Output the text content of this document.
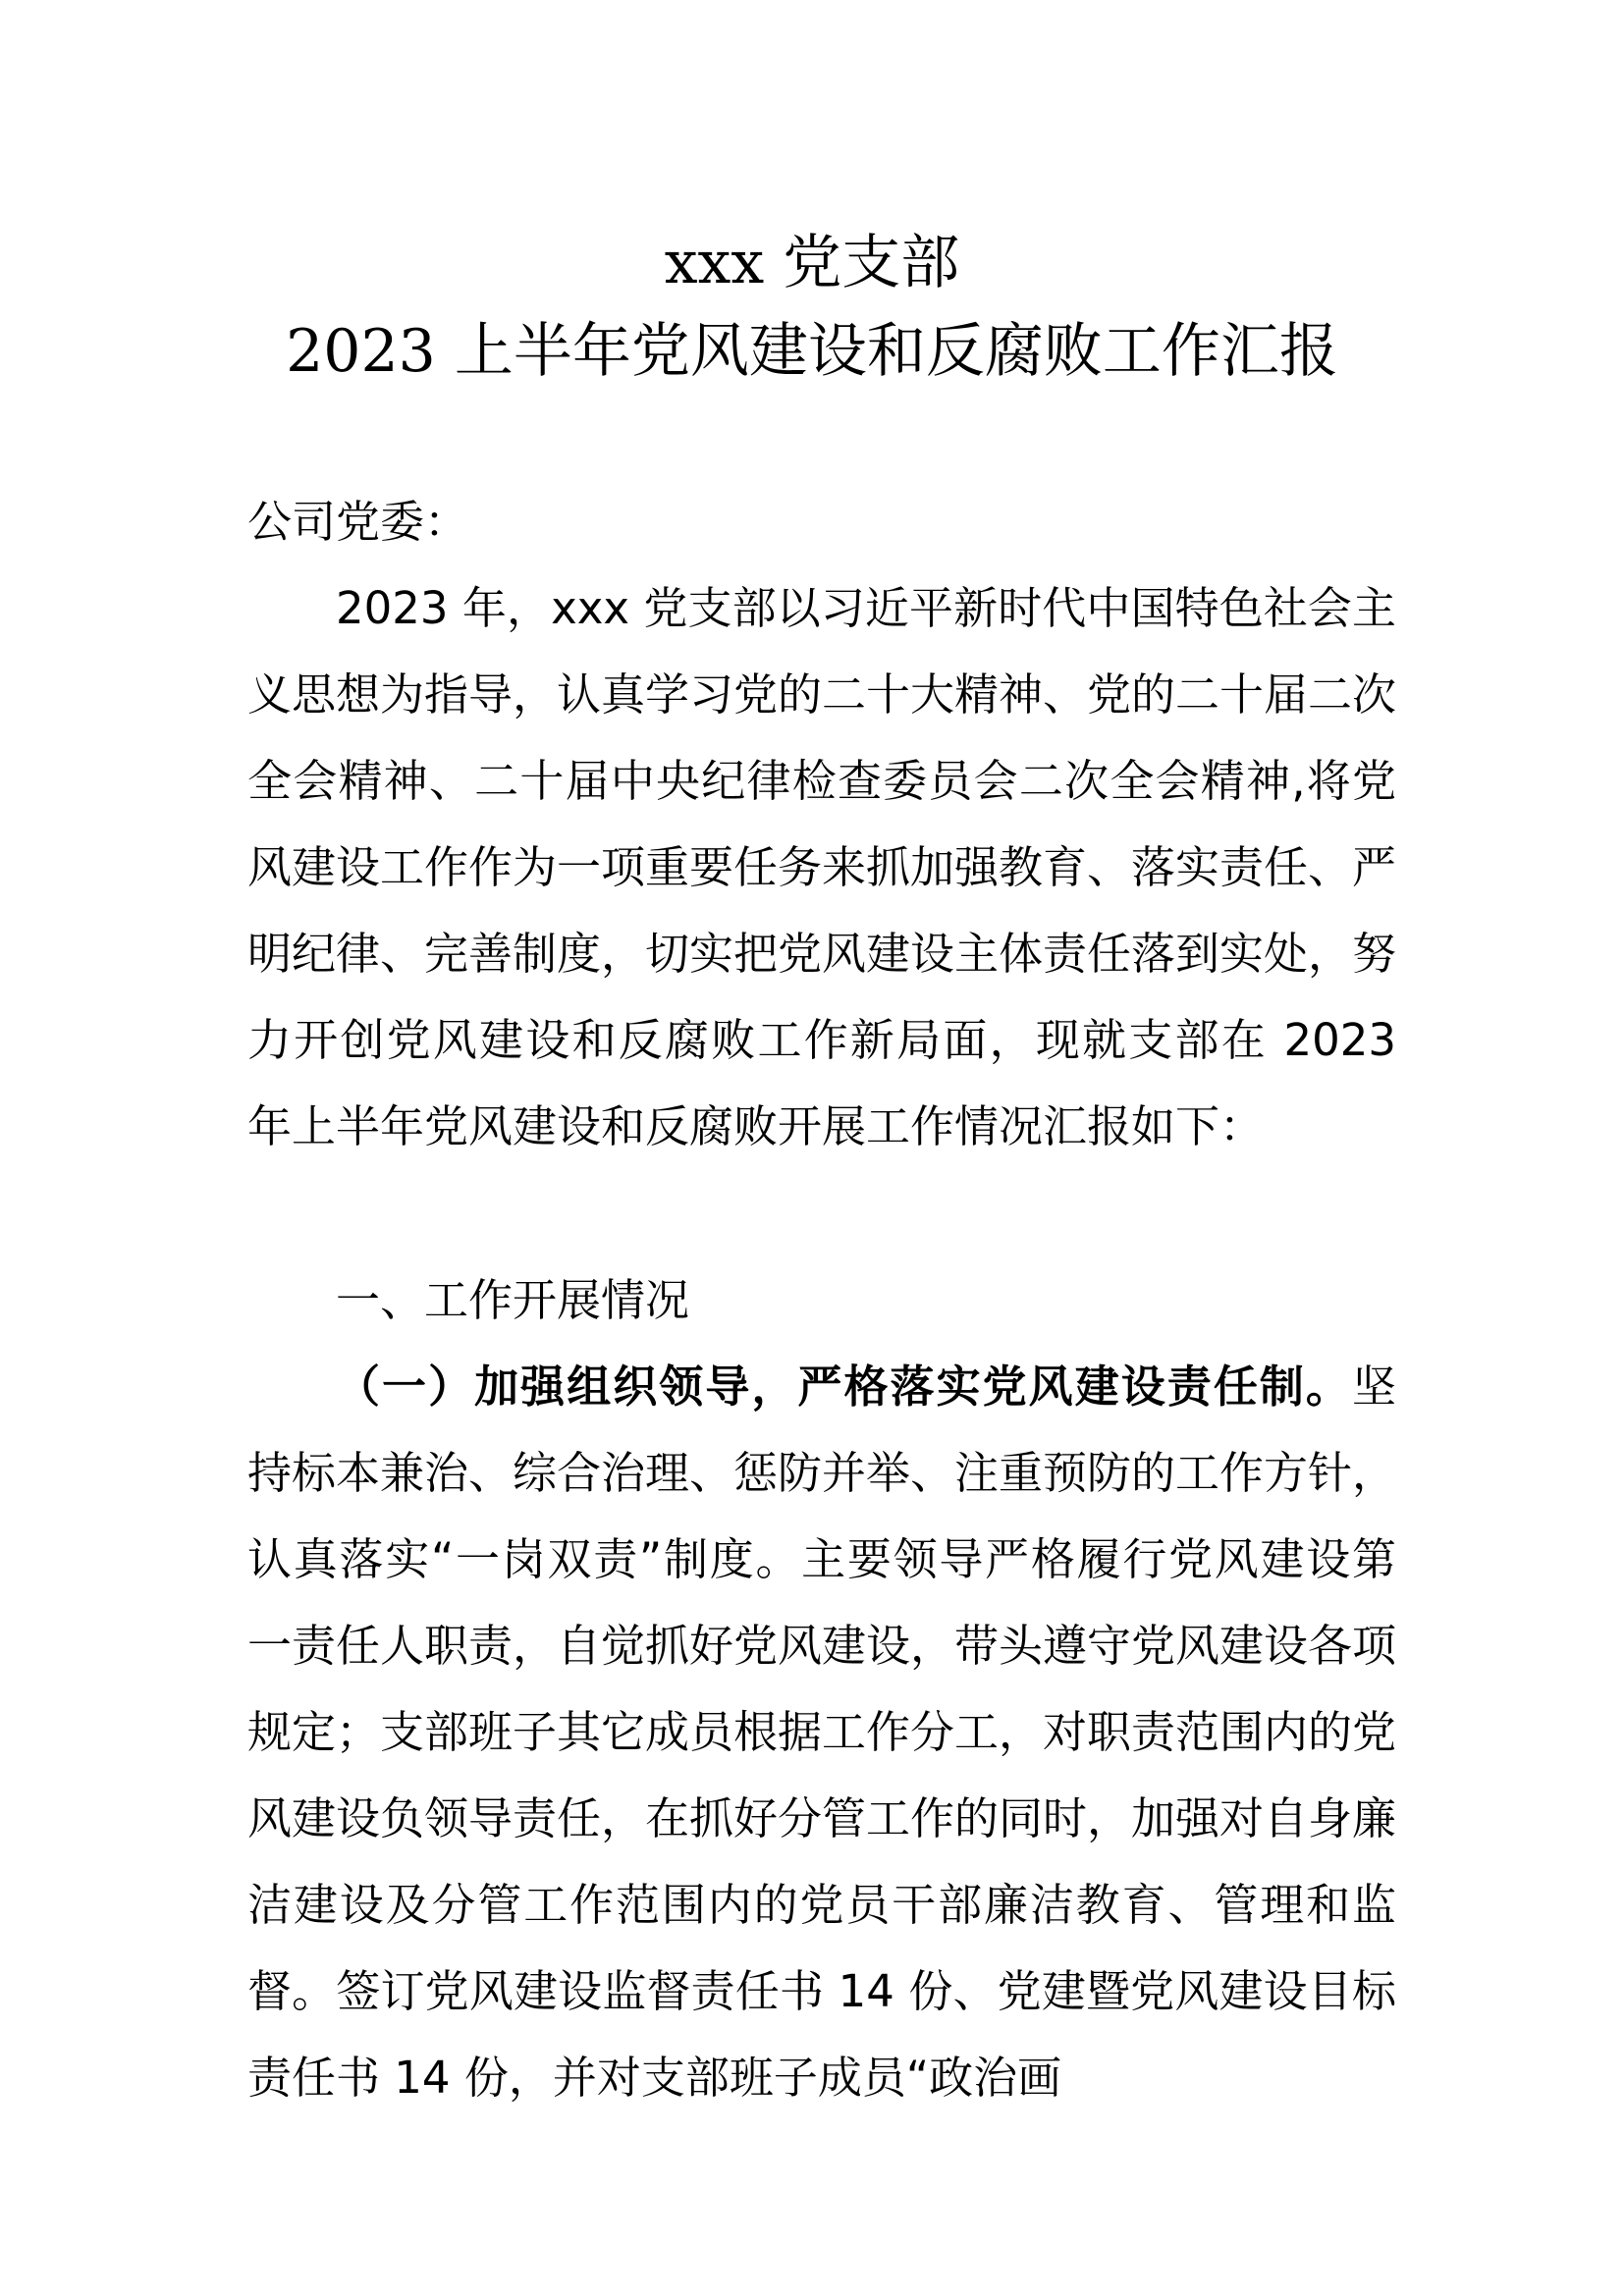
xxx 党支部
2023 上半年党风建设和反腐败工作汇报
公司党委：
2023 年，xxx 党支部以习近平新时代中国特色社会主义思想为指导，认真学习党的二十大精神、党的二十届二次全会精神、二十届中央纪律检查委员会二次全会精神,将党风建设工作作为一项重要任务来抓加强教育、落实责任、严明纪律、完善制度，切实把党风建设主体责任落到实处，努力开创党风建设和反腐败工作新局面，现就支部在 2023 年上半年党风建设和反腐败开展工作情况汇报如下：
一、工作开展情况
（一）加强组织领导，严格落实党风建设责任制。坚持标本兼治、综合治理、惩防并举、注重预防的工作方针，认真落实“一岗双责”制度。主要领导严格履行党风建设第一责任人职责，自觉抓好党风建设，带头遵守党风建设各项规定；支部班子其它成员根据工作分工，对职责范围内的党风建设负领导责任，在抓好分管工作的同时，加强对自身廉洁建设及分管工作范围内的党员干部廉洁教育、管理和监督。签订党风建设监督责任书 14 份、党建暨党风建设目标责任书 14 份，并对支部班子成员“政治画
